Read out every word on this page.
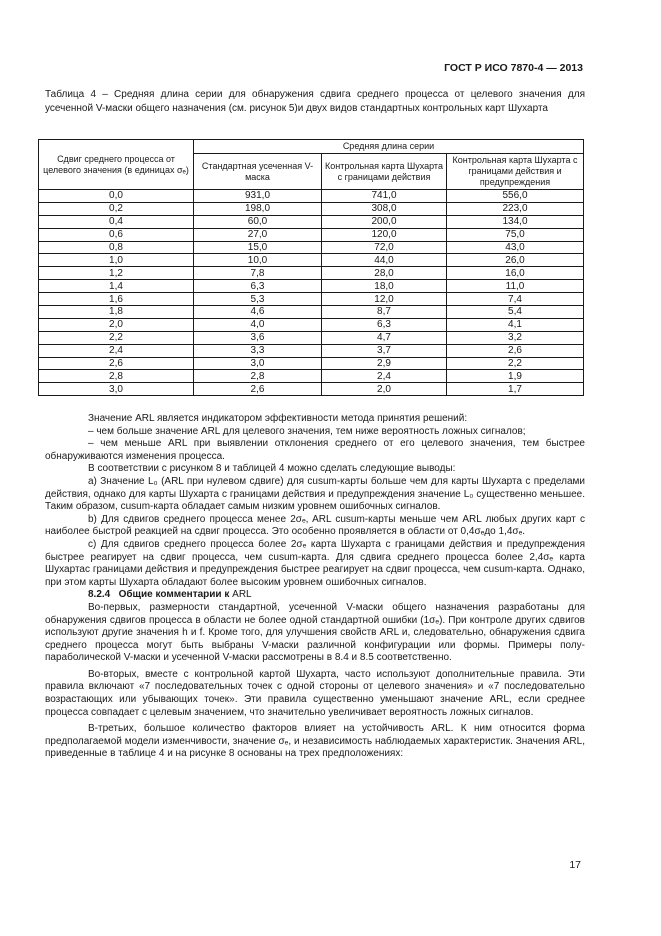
ГОСТ Р ИСО 7870-4 — 2013
Таблица 4 – Средняя длина серии для обнаружения сдвига среднего процесса от целевого значения для усеченной V-маски общего назначения (см. рисунок 5)и двух видов стандартных контрольных карт Шухарта
Сдвиг среднего процесса от целевого значения (в единицах σₑ)	Средняя длина серии		
	Стандартная усеченная V-маска	Контрольная карта Шухарта с границами действия	Контрольная карта Шухарта с границами действия и предупреждения
0,0	931,0	741,0	556,0
0,2	198,0	308,0	223,0
0,4	60,0	200,0	134,0
0,6	27,0	120,0	75,0
0,8	15,0	72,0	43,0
1,0	10,0	44,0	26,0
1,2	7,8	28,0	16,0
1,4	6,3	18,0	11,0
1,6	5,3	12,0	7,4
1,8	4,6	8,7	5,4
2,0	4,0	6,3	4,1
2,2	3,6	4,7	3,2
2,4	3,3	3,7	2,6
2,6	3,0	2,9	2,2
2,8	2,8	2,4	1,9
3,0	2,6	2,0	1,7

Значение ARL является индикатором эффективности метода принятия решений:

– чем больше значение ARL для целевого значения, тем ниже вероятность ложных сигналов;

– чем меньше ARL при выявлении отклонения среднего от его целевого значения, тем быстрее обнаруживаются изменения процесса.

В соответствии с рисунком 8 и таблицей 4 можно сделать следующие выводы:

a) Значение L₀ (ARL при нулевом сдвиге) для cusum-карты больше чем для карты Шухарта с пределами действия, однако для карты Шухарта с границами действия и предупреждения значение L₀ существенно меньшее. Таким образом, cusum-карта обладает самым низким уровнем ошибочных сигналов.

b) Для сдвигов среднего процесса менее 2σₑ, ARL cusum-карты меньше чем ARL любых других карт с наиболее быстрой реакцией на сдвиг процесса. Это особенно проявляется в области от 0,4σₑдо 1,4σₑ.

c) Для сдвигов среднего процесса более 2σₑ карта Шухарта с границами действия и предупреждения быстрее реагирует на сдвиг процесса, чем cusum-карта. Для сдвига среднего процесса более 2,4σₑ карта Шухартас границами действия и предупреждения быстрее реагирует на сдвиг процесса, чем cusum-карта. Однако, при этом карты Шухарта обладают более высоким уровнем ошибочных сигналов.

8.2.4 Общие комментарии к ARL

Во-первых, размерности стандартной, усеченной V-маски общего назначения разработаны для обнаружения сдвигов процесса в области не более одной стандартной ошибки (1σₑ). При контроле других сдвигов используют другие значения h и f. Кроме того, для улучшения свойств ARL и, следовательно, обнаружения сдвига среднего процесса могут быть выбраны V-маски различной конфигурации или формы. Примеры полу-параболической V-маски и усеченной V-маски рассмотрены в 8.4 и 8.5 соответственно.

Во-вторых, вместе с контрольной картой Шухарта, часто используют дополнительные правила. Эти правила включают «7 последовательных точек с одной стороны от целевого значения» и «7 последовательно возрастающих или убывающих точек». Эти правила существенно уменьшают значение ARL, если среднее процесса совпадает с целевым значением, что значительно увеличивает вероятность ложных сигналов.

В-третьих, большое количество факторов влияет на устойчивость ARL. К ним относится форма предполагаемой модели изменчивости, значение σₑ, и независимость наблюдаемых характеристик. Значения ARL, приведенные в таблице 4 и на рисунке 8 основаны на трех предположениях:

17
